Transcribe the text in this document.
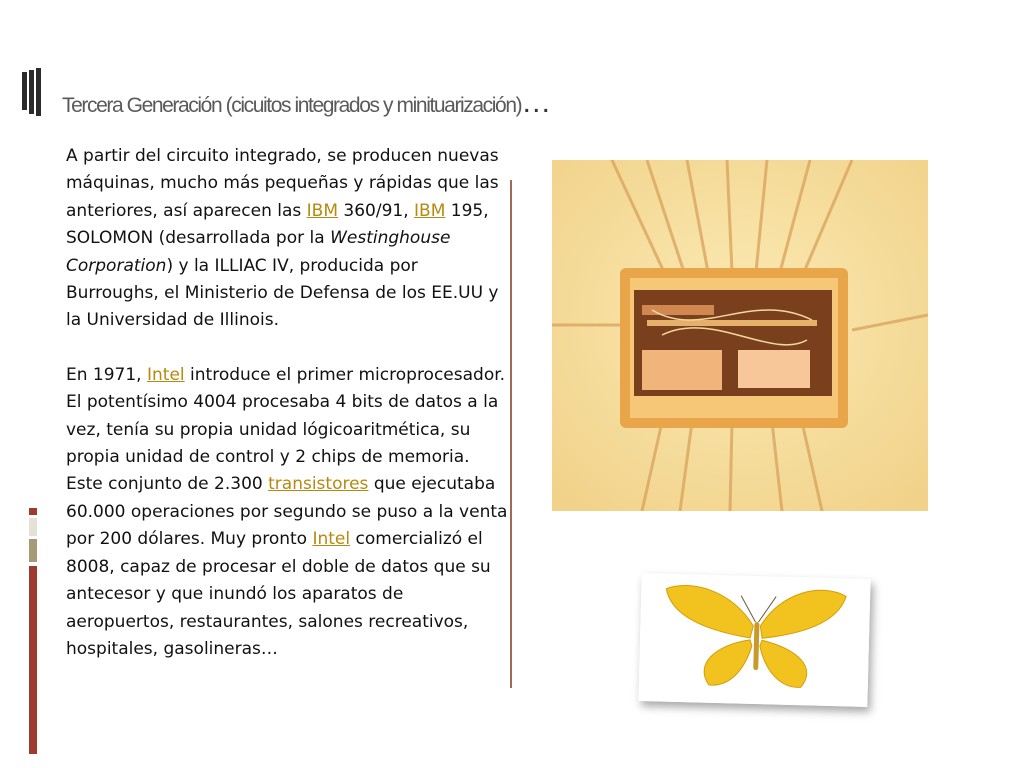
Tercera Generación (cicuitos integrados y minituarización)…

A partir del circuito integrado, se producen nuevas máquinas, mucho más pequeñas y rápidas que las anteriores, así aparecen las IBM 360/91, IBM 195, SOLOMON (desarrollada por la Westinghouse Corporation) y la ILLIAC IV, producida por Burroughs, el Ministerio de Defensa de los EE.UU y la Universidad de Illinois.

En 1971, Intel introduce el primer microprocesador. El potentísimo 4004 procesaba 4 bits de datos a la vez, tenía su propia unidad lógicoaritmética, su propia unidad de control y 2 chips de memoria. Este conjunto de 2.300 transistores que ejecutaba 60.000 operaciones por segundo se puso a la venta por 200 dólares. Muy pronto Intel comercializó el 8008, capaz de procesar el doble de datos que su antecesor y que inundó los aparatos de aeropuertos, restaurantes, salones recreativos, hospitales, gasolineras…
